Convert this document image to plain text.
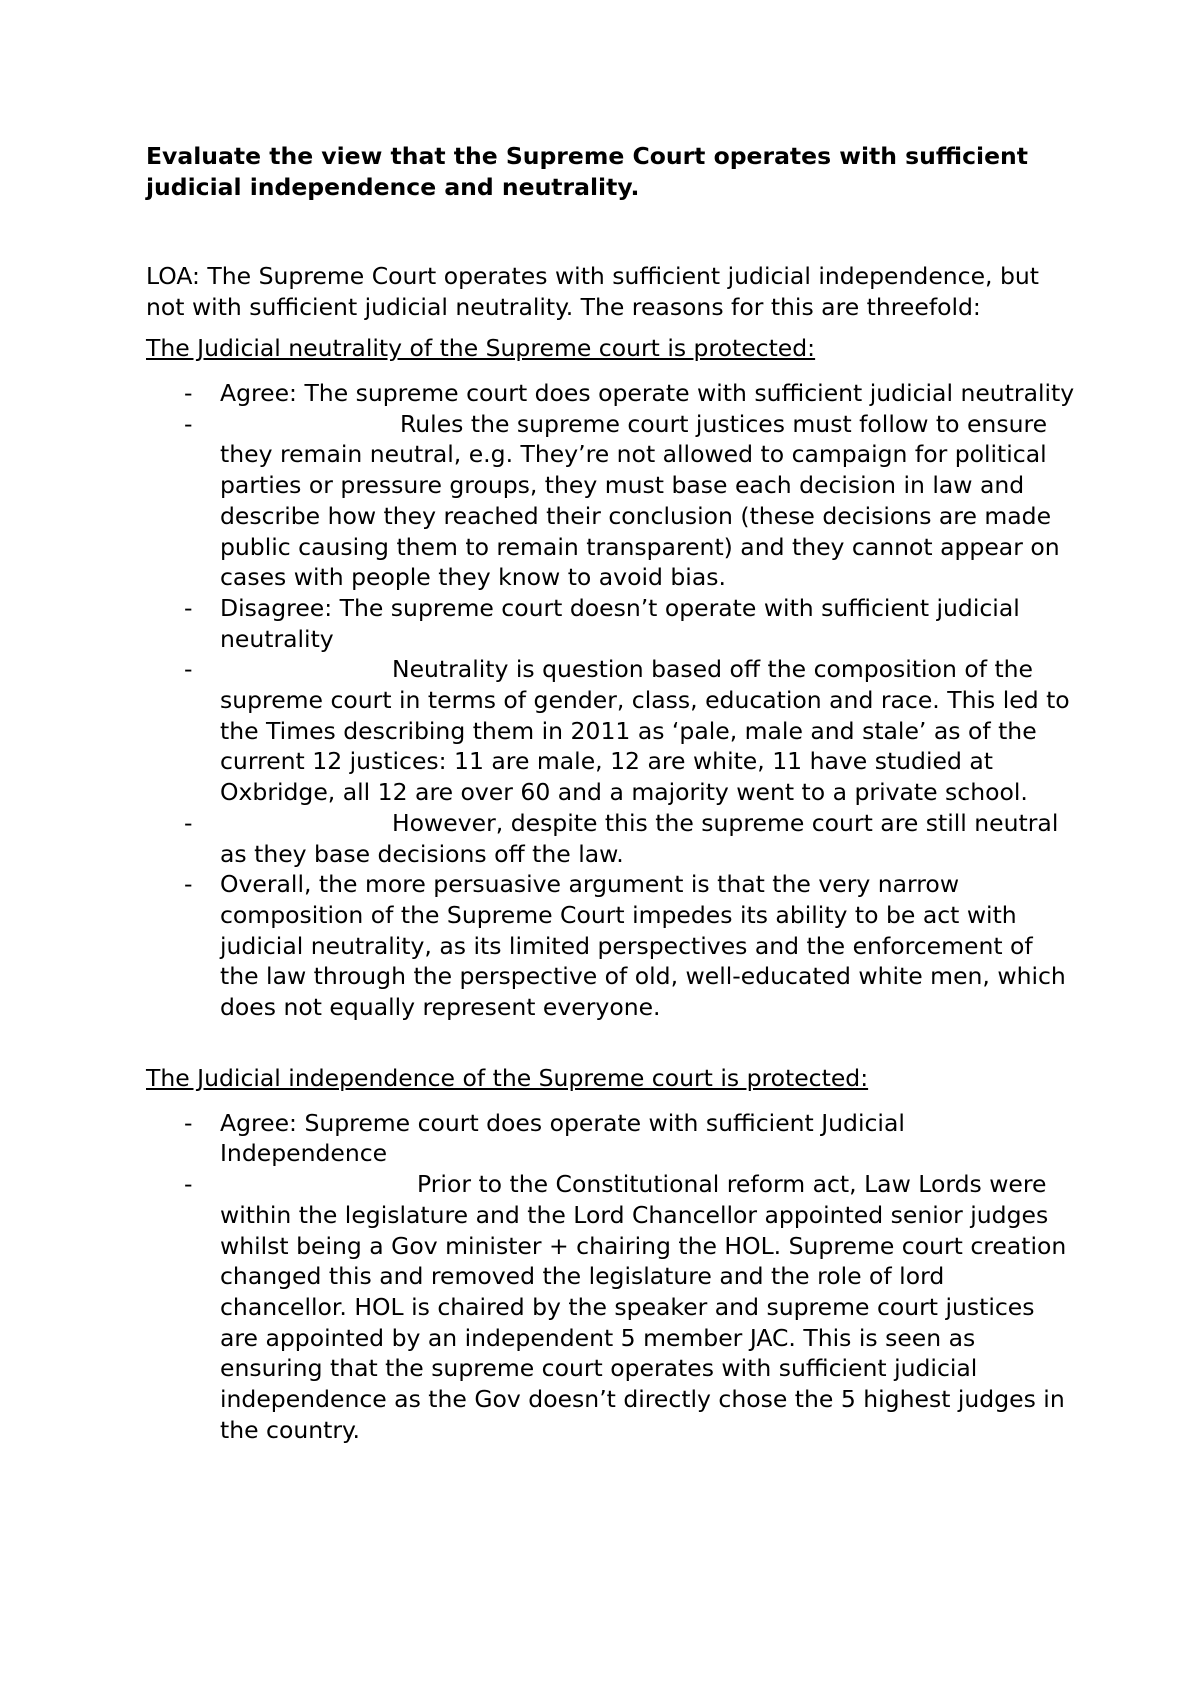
Evaluate the view that the Supreme Court operates with sufficient judicial independence and neutrality.

LOA: The Supreme Court operates with sufficient judicial independence, but not with sufficient judicial neutrality. The reasons for this are threefold:

The Judicial neutrality of the Supreme court is protected:

- Agree: The supreme court does operate with sufficient judicial neutrality
-	Rules the supreme court justices must follow to ensure they remain neutral, e.g. They’re not allowed to campaign for political parties or pressure groups, they must base each decision in law and describe how they reached their conclusion (these decisions are made public causing them to remain transparent) and they cannot appear on cases with people they know to avoid bias.
- Disagree: The supreme court doesn’t operate with sufficient judicial neutrality
-	Neutrality is question based off the composition of the supreme court in terms of gender, class, education and race. This led to the Times describing them in 2011 as ‘pale, male and stale’ as of the current 12 justices: 11 are male, 12 are white, 11 have studied at Oxbridge, all 12 are over 60 and a majority went to a private school.
-	However, despite this the supreme court are still neutral as they base decisions off the law.
- Overall, the more persuasive argument is that the very narrow composition of the Supreme Court impedes its ability to be act with judicial neutrality, as its limited perspectives and the enforcement of the law through the perspective of old, well-educated white men, which does not equally represent everyone.

The Judicial independence of the Supreme court is protected:

- Agree: Supreme court does operate with sufficient Judicial Independence
-	Prior to the Constitutional reform act, Law Lords were within the legislature and the Lord Chancellor appointed senior judges whilst being a Gov minister + chairing the HOL. Supreme court creation changed this and removed the legislature and the role of lord chancellor. HOL is chaired by the speaker and supreme court justices are appointed by an independent 5 member JAC. This is seen as ensuring that the supreme court operates with sufficient judicial independence as the Gov doesn’t directly chose the 5 highest judges in the country.
